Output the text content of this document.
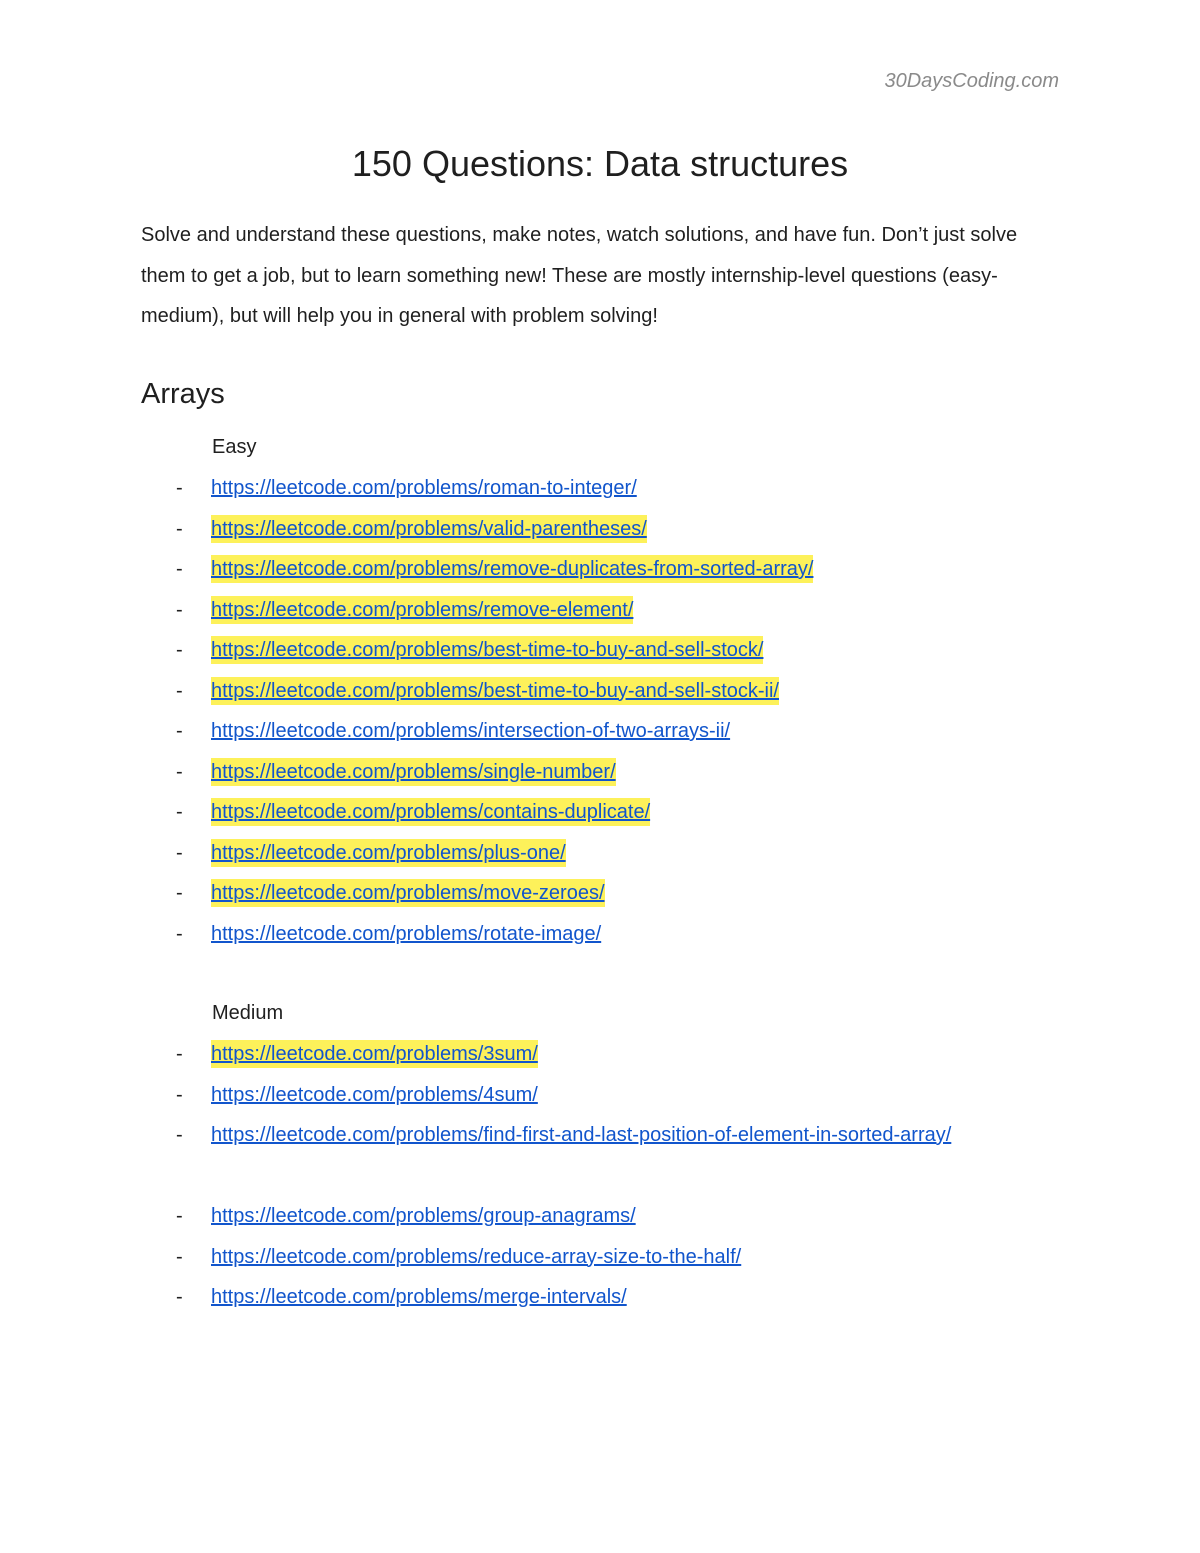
30DaysCoding.com
150 Questions: Data structures
Solve and understand these questions, make notes, watch solutions, and have fun. Don’t just solve them to get a job, but to learn something new! These are mostly internship-level questions (easy-medium), but will help you in general with problem solving!
Arrays
Easy
- https://leetcode.com/problems/roman-to-integer/
- https://leetcode.com/problems/valid-parentheses/
- https://leetcode.com/problems/remove-duplicates-from-sorted-array/
- https://leetcode.com/problems/remove-element/
- https://leetcode.com/problems/best-time-to-buy-and-sell-stock/
- https://leetcode.com/problems/best-time-to-buy-and-sell-stock-ii/
- https://leetcode.com/problems/intersection-of-two-arrays-ii/
- https://leetcode.com/problems/single-number/
- https://leetcode.com/problems/contains-duplicate/
- https://leetcode.com/problems/plus-one/
- https://leetcode.com/problems/move-zeroes/
- https://leetcode.com/problems/rotate-image/
Medium
- https://leetcode.com/problems/3sum/
- https://leetcode.com/problems/4sum/
- https://leetcode.com/problems/find-first-and-last-position-of-element-in-sorted-array/
- https://leetcode.com/problems/group-anagrams/
- https://leetcode.com/problems/reduce-array-size-to-the-half/
- https://leetcode.com/problems/merge-intervals/
